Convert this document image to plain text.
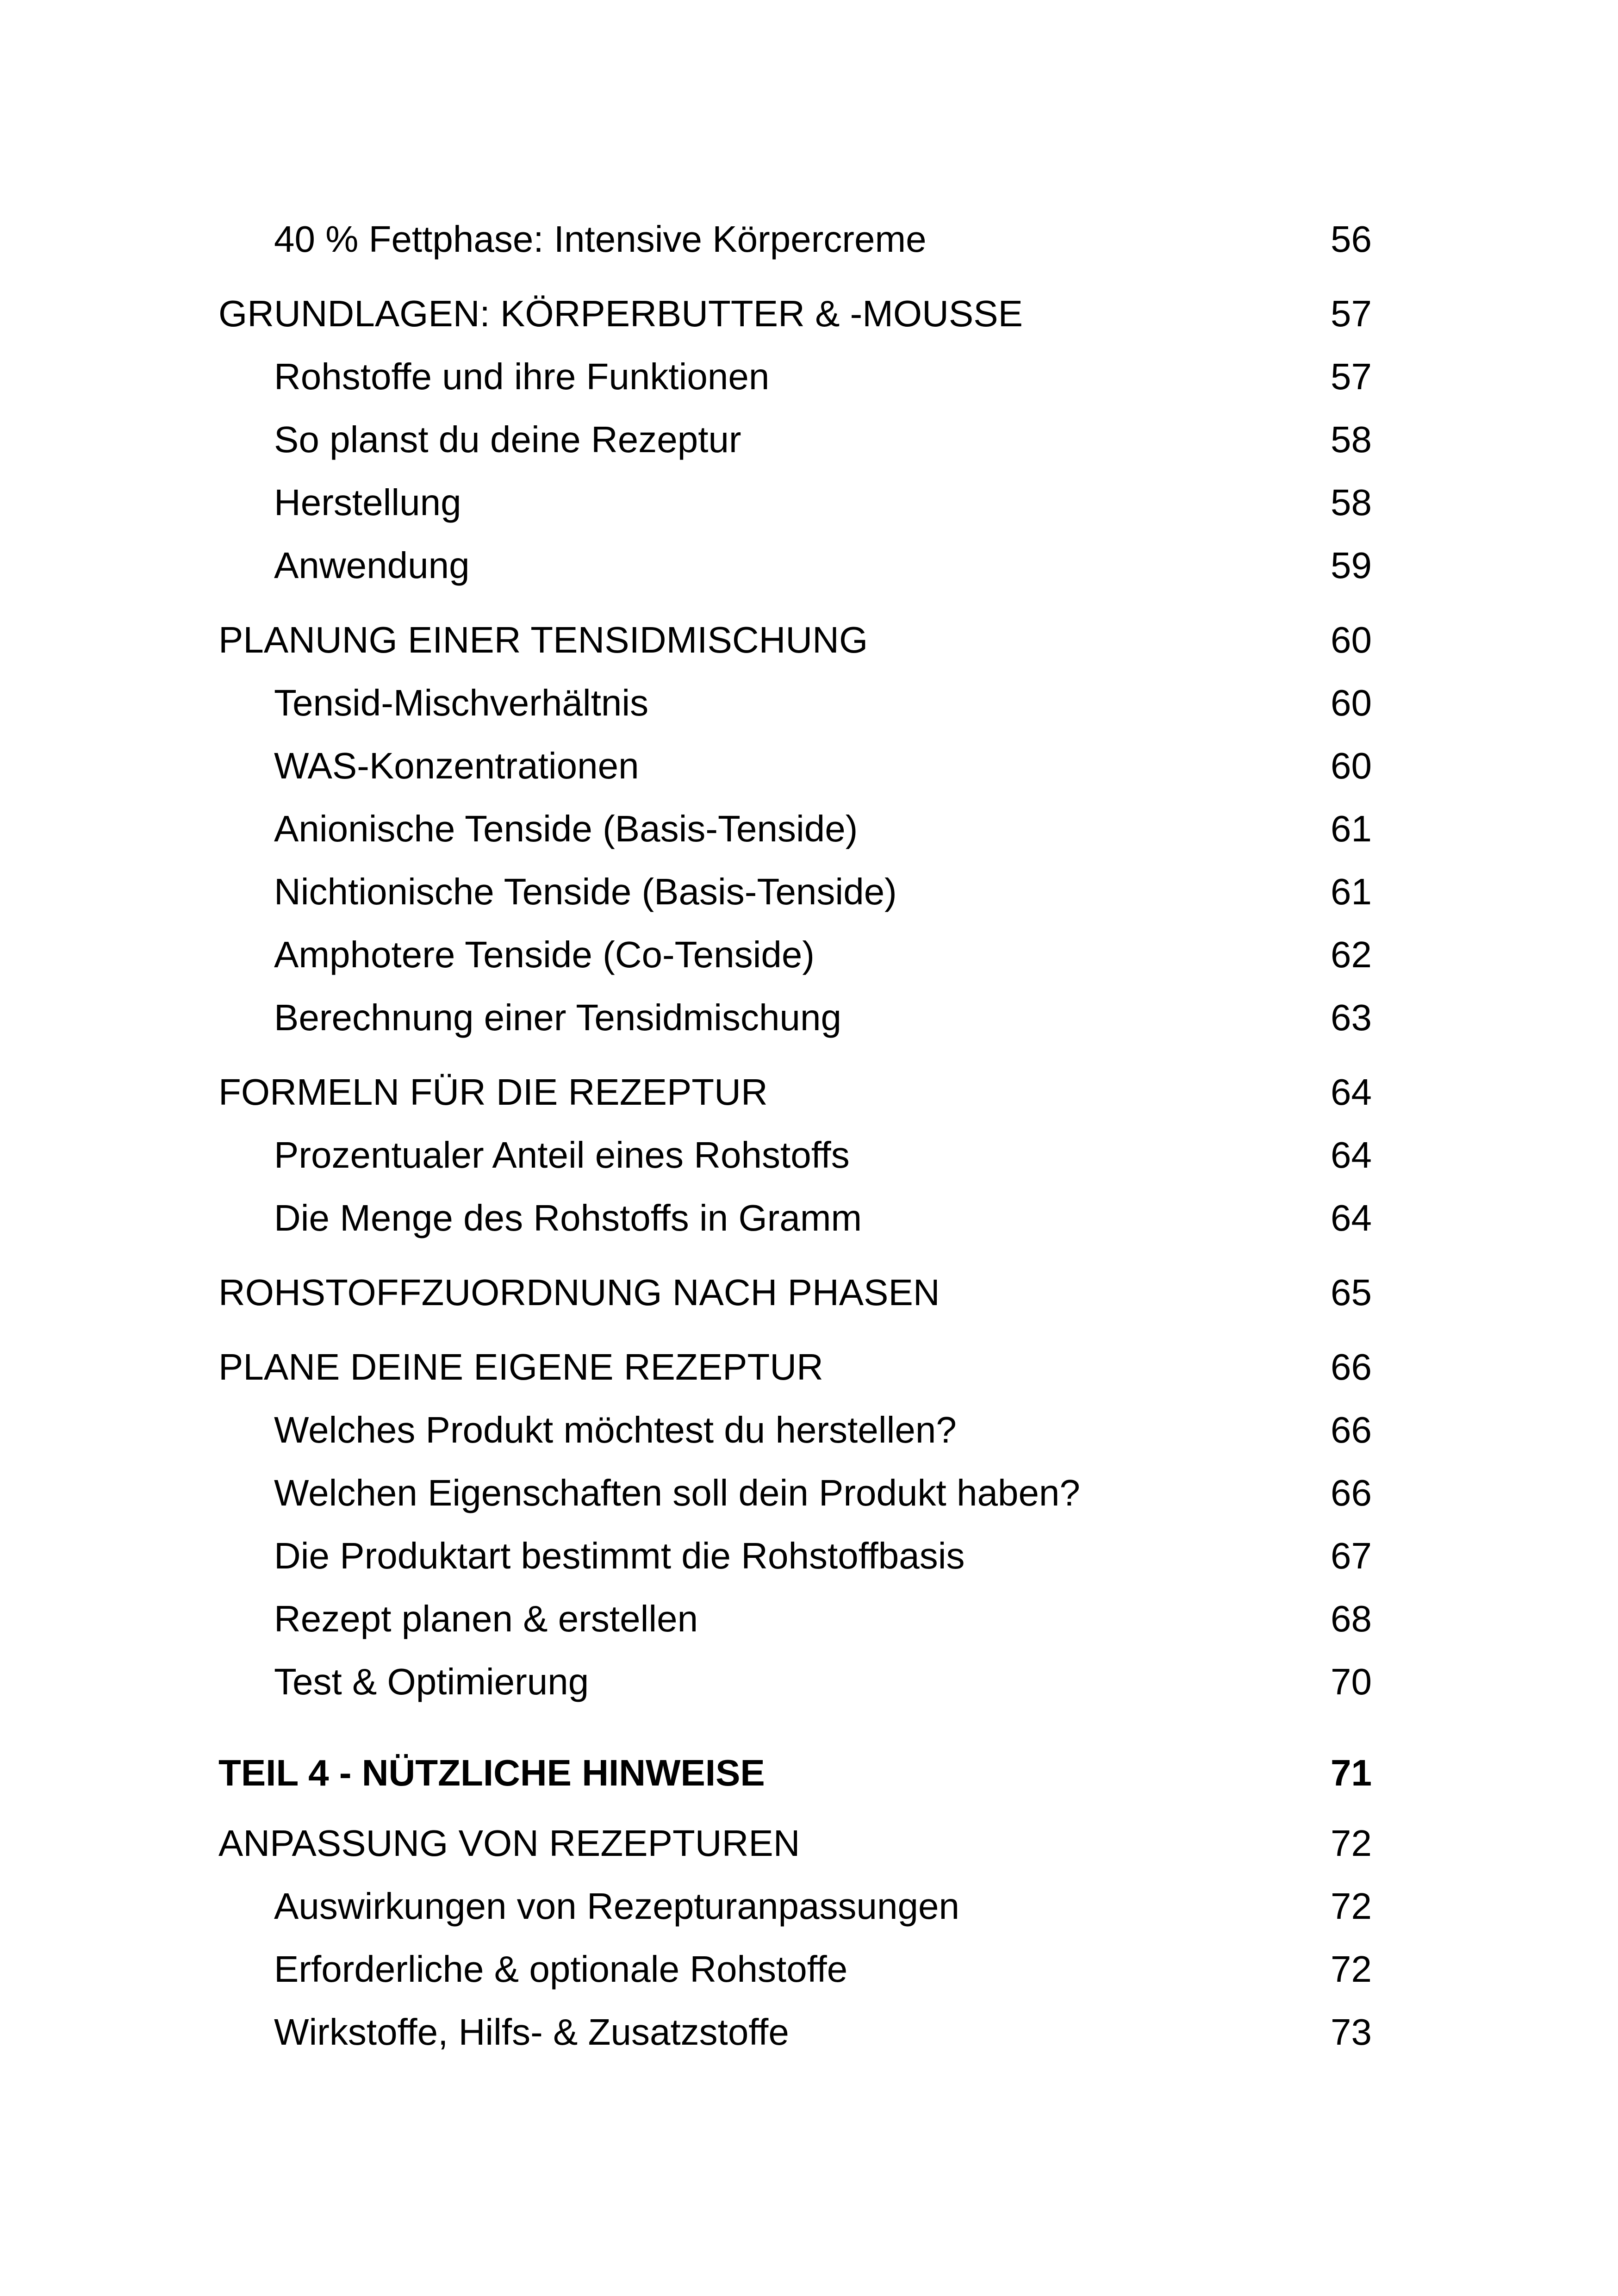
40 % Fettphase: Intensive Körpercreme	56
GRUNDLAGEN: KÖRPERBUTTER & -MOUSSE	57
Rohstoffe und ihre Funktionen	57
So planst du deine Rezeptur	58
Herstellung	58
Anwendung	59
PLANUNG EINER TENSIDMISCHUNG	60
Tensid-Mischverhältnis	60
WAS-Konzentrationen	60
Anionische Tenside (Basis-Tenside)	61
Nichtionische Tenside (Basis-Tenside)	61
Amphotere Tenside (Co-Tenside)	62
Berechnung einer Tensidmischung	63
FORMELN FÜR DIE REZEPTUR	64
Prozentualer Anteil eines Rohstoffs	64
Die Menge des Rohstoffs in Gramm	64
ROHSTOFFZUORDNUNG NACH PHASEN	65
PLANE DEINE EIGENE REZEPTUR	66
Welches Produkt möchtest du herstellen?	66
Welchen Eigenschaften soll dein Produkt haben?	66
Die Produktart bestimmt die Rohstoffbasis	67
Rezept planen & erstellen	68
Test & Optimierung	70
TEIL 4 - NÜTZLICHE HINWEISE	71
ANPASSUNG VON REZEPTUREN	72
Auswirkungen von Rezepturanpassungen	72
Erforderliche & optionale Rohstoffe	72
Wirkstoffe, Hilfs- & Zusatzstoffe	73
